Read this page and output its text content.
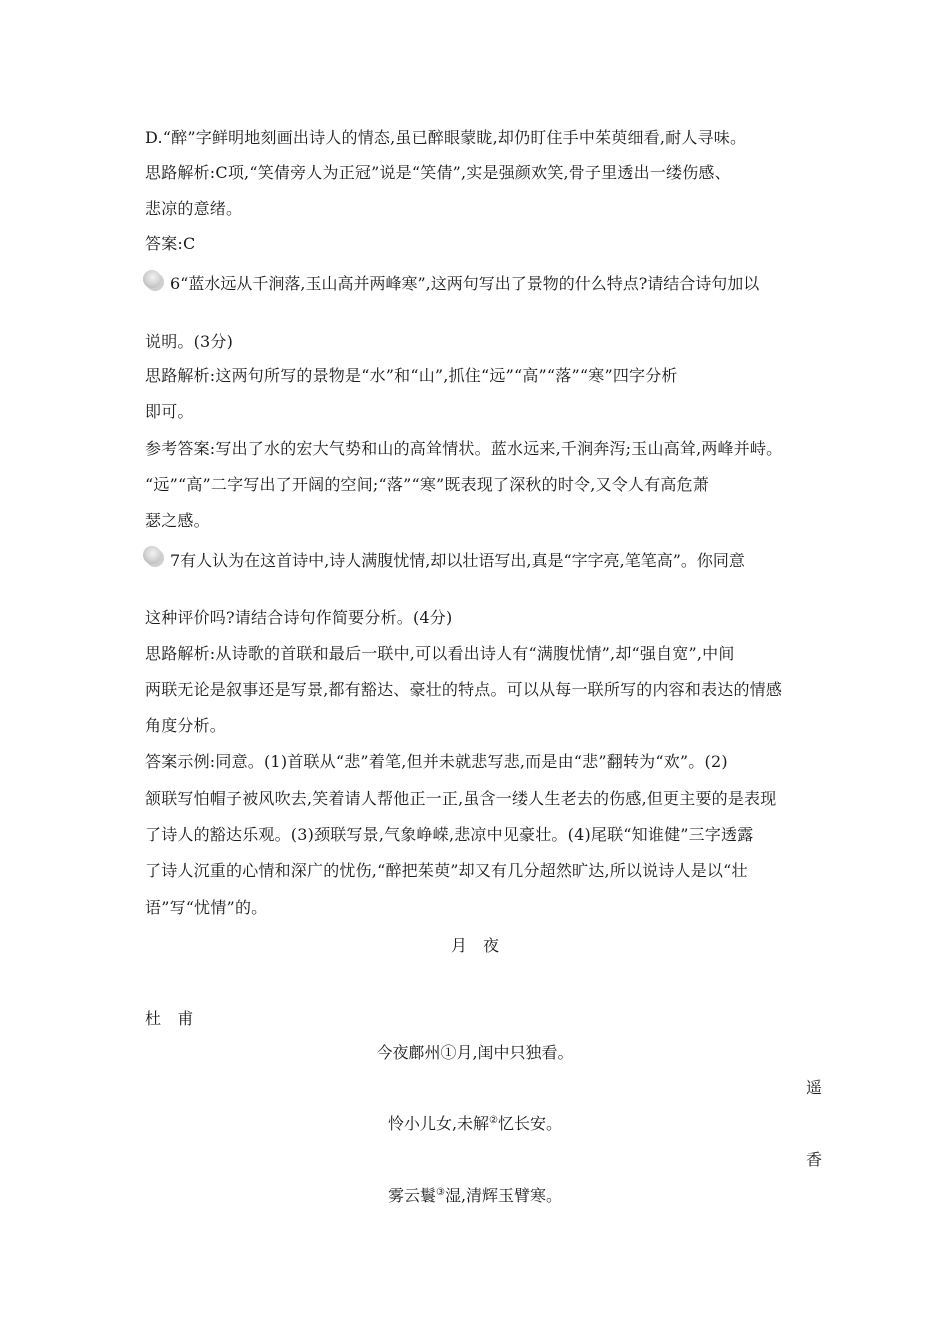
D.“醉”字鲜明地刻画出诗人的情态,虽已醉眼蒙眬,却仍盯住手中茱萸细看,耐人寻味。
思路解析:C项,“笑倩旁人为正冠”说是“笑倩”,实是强颜欢笑,骨子里透出一缕伤感、
悲凉的意绪。
答案:C
6“蓝水远从千涧落,玉山高并两峰寒”,这两句写出了景物的什么特点?请结合诗句加以
说明。(3分)
思路解析:这两句所写的景物是“水”和“山”,抓住“远”“高”“落”“寒”四字分析
即可。
参考答案:写出了水的宏大气势和山的高耸情状。蓝水远来,千涧奔泻;玉山高耸,两峰并峙。
“远”“高”二字写出了开阔的空间;“落”“寒”既表现了深秋的时令,又令人有高危萧
瑟之感。
7有人认为在这首诗中,诗人满腹忧情,却以壮语写出,真是“字字亮,笔笔高”。你同意
这种评价吗?请结合诗句作简要分析。(4分)
思路解析:从诗歌的首联和最后一联中,可以看出诗人有“满腹忧情”,却“强自宽”,中间
两联无论是叙事还是写景,都有豁达、豪壮的特点。可以从每一联所写的内容和表达的情感
角度分析。
答案示例:同意。(1)首联从“悲”着笔,但并未就悲写悲,而是由“悲”翻转为“欢”。(2)
颔联写怕帽子被风吹去,笑着请人帮他正一正,虽含一缕人生老去的伤感,但更主要的是表现
了诗人的豁达乐观。(3)颈联写景,气象峥嵘,悲凉中见豪壮。(4)尾联“知谁健”三字透露
了诗人沉重的心情和深广的忧伤,“醉把茱萸”却又有几分超然旷达,所以说诗人是以“壮
语”写“忧情”的。
月　夜
杜　甫
今夜鄜州①月,闺中只独看。
遥
怜小儿女,未解②忆长安。
香
雾云鬟③湿,清辉玉臂寒。
